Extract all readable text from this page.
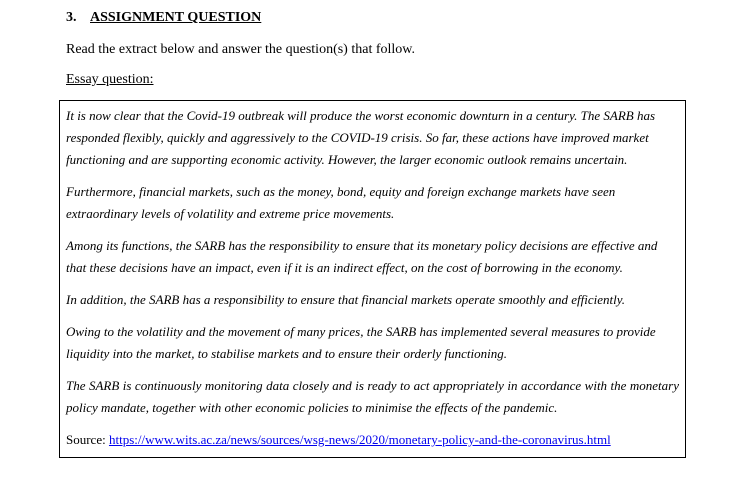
3. ASSIGNMENT QUESTION
Read the extract below and answer the question(s) that follow.
Essay question:

It is now clear that the Covid-19 outbreak will produce the worst economic downturn in a century. The SARB has responded flexibly, quickly and aggressively to the COVID-19 crisis. So far, these actions have improved market functioning and are supporting economic activity. However, the larger economic outlook remains uncertain.

Furthermore, financial markets, such as the money, bond, equity and foreign exchange markets have seen extraordinary levels of volatility and extreme price movements.

Among its functions, the SARB has the responsibility to ensure that its monetary policy decisions are effective and that these decisions have an impact, even if it is an indirect effect, on the cost of borrowing in the economy.

In addition, the SARB has a responsibility to ensure that financial markets operate smoothly and efficiently.

Owing to the volatility and the movement of many prices, the SARB has implemented several measures to provide liquidity into the market, to stabilise markets and to ensure their orderly functioning.

The SARB is continuously monitoring data closely and is ready to act appropriately in accordance with the monetary policy mandate, together with other economic policies to minimise the effects of the pandemic.

Source: https://www.wits.ac.za/news/sources/wsg-news/2020/monetary-policy-and-the-coronavirus.html
